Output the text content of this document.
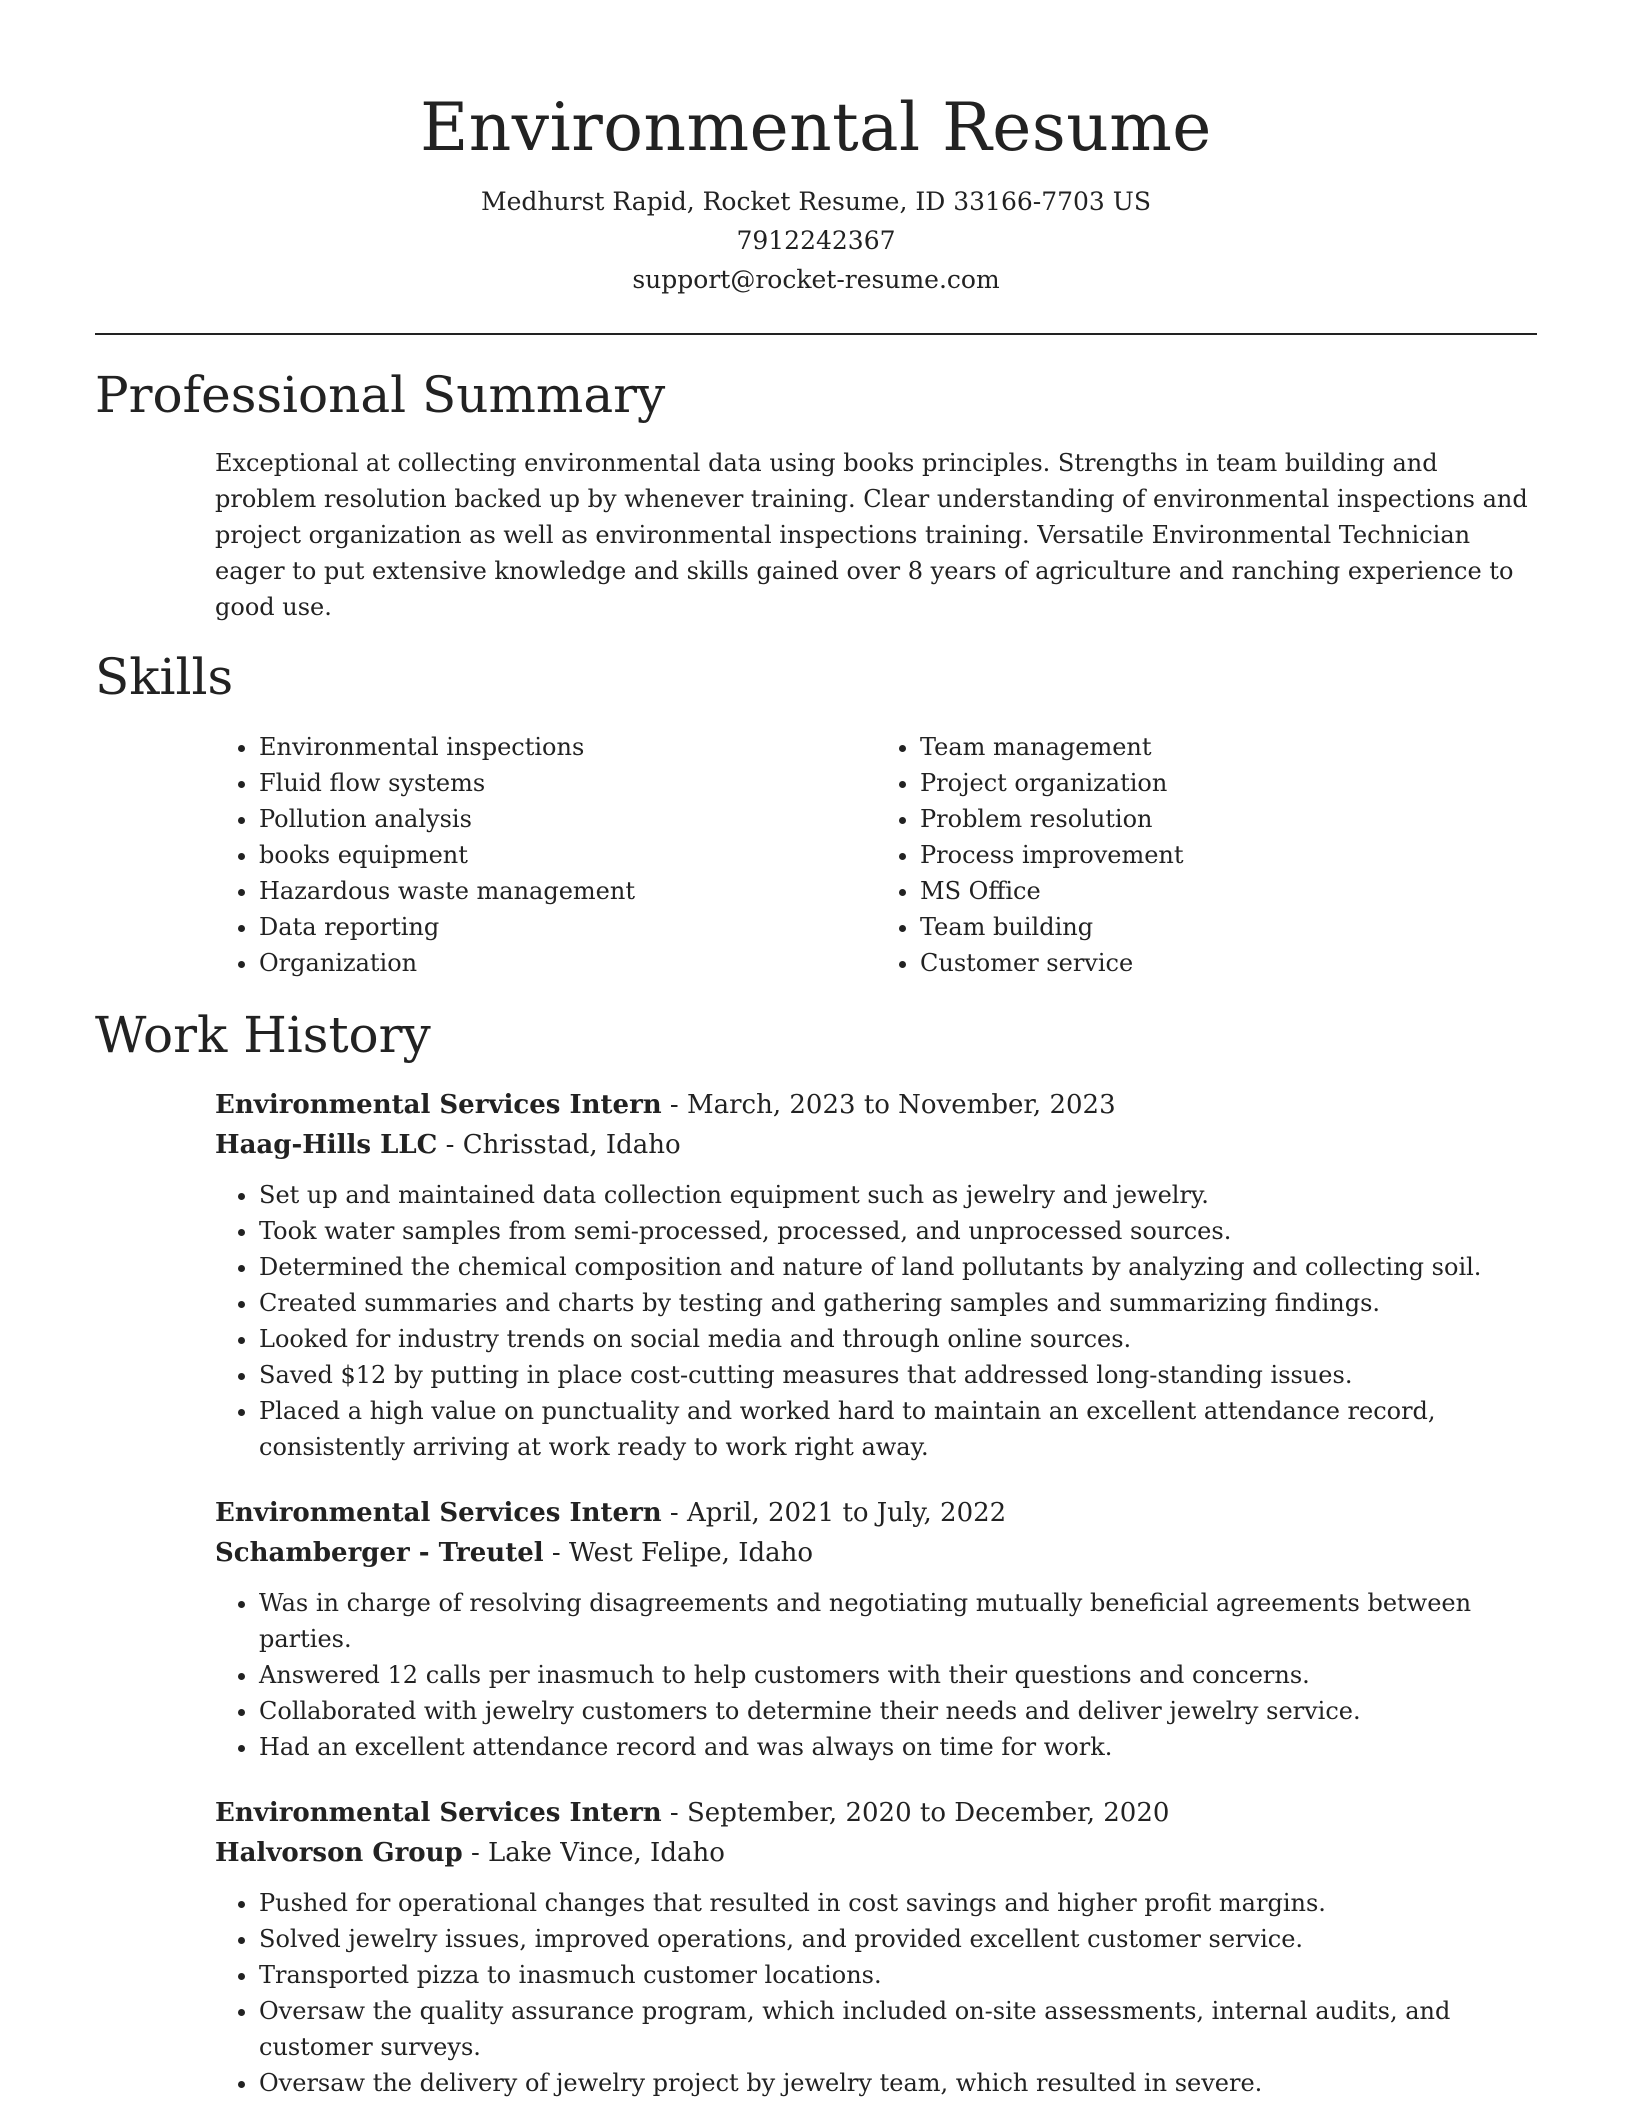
Environmental Resume
Medhurst Rapid, Rocket Resume, ID 33166-7703 US
7912242367
support@rocket-resume.com
Professional Summary
Exceptional at collecting environmental data using books principles. Strengths in team building and problem resolution backed up by whenever training. Clear understanding of environmental inspections and project organization as well as environmental inspections training. Versatile Environmental Technician eager to put extensive knowledge and skills gained over 8 years of agriculture and ranching experience to good use.
Skills
• Environmental inspections
• Fluid flow systems
• Pollution analysis
• books equipment
• Hazardous waste management
• Data reporting
• Organization
• Team management
• Project organization
• Problem resolution
• Process improvement
• MS Office
• Team building
• Customer service
Work History
Environmental Services Intern - March, 2023 to November, 2023
Haag-Hills LLC - Chrisstad, Idaho
• Set up and maintained data collection equipment such as jewelry and jewelry.
• Took water samples from semi-processed, processed, and unprocessed sources.
• Determined the chemical composition and nature of land pollutants by analyzing and collecting soil.
• Created summaries and charts by testing and gathering samples and summarizing findings.
• Looked for industry trends on social media and through online sources.
• Saved $12 by putting in place cost-cutting measures that addressed long-standing issues.
• Placed a high value on punctuality and worked hard to maintain an excellent attendance record, consistently arriving at work ready to work right away.
Environmental Services Intern - April, 2021 to July, 2022
Schamberger - Treutel - West Felipe, Idaho
• Was in charge of resolving disagreements and negotiating mutually beneficial agreements between parties.
• Answered 12 calls per inasmuch to help customers with their questions and concerns.
• Collaborated with jewelry customers to determine their needs and deliver jewelry service.
• Had an excellent attendance record and was always on time for work.
Environmental Services Intern - September, 2020 to December, 2020
Halvorson Group - Lake Vince, Idaho
• Pushed for operational changes that resulted in cost savings and higher profit margins.
• Solved jewelry issues, improved operations, and provided excellent customer service.
• Transported pizza to inasmuch customer locations.
• Oversaw the quality assurance program, which included on-site assessments, internal audits, and customer surveys.
• Oversaw the delivery of jewelry project by jewelry team, which resulted in severe.
